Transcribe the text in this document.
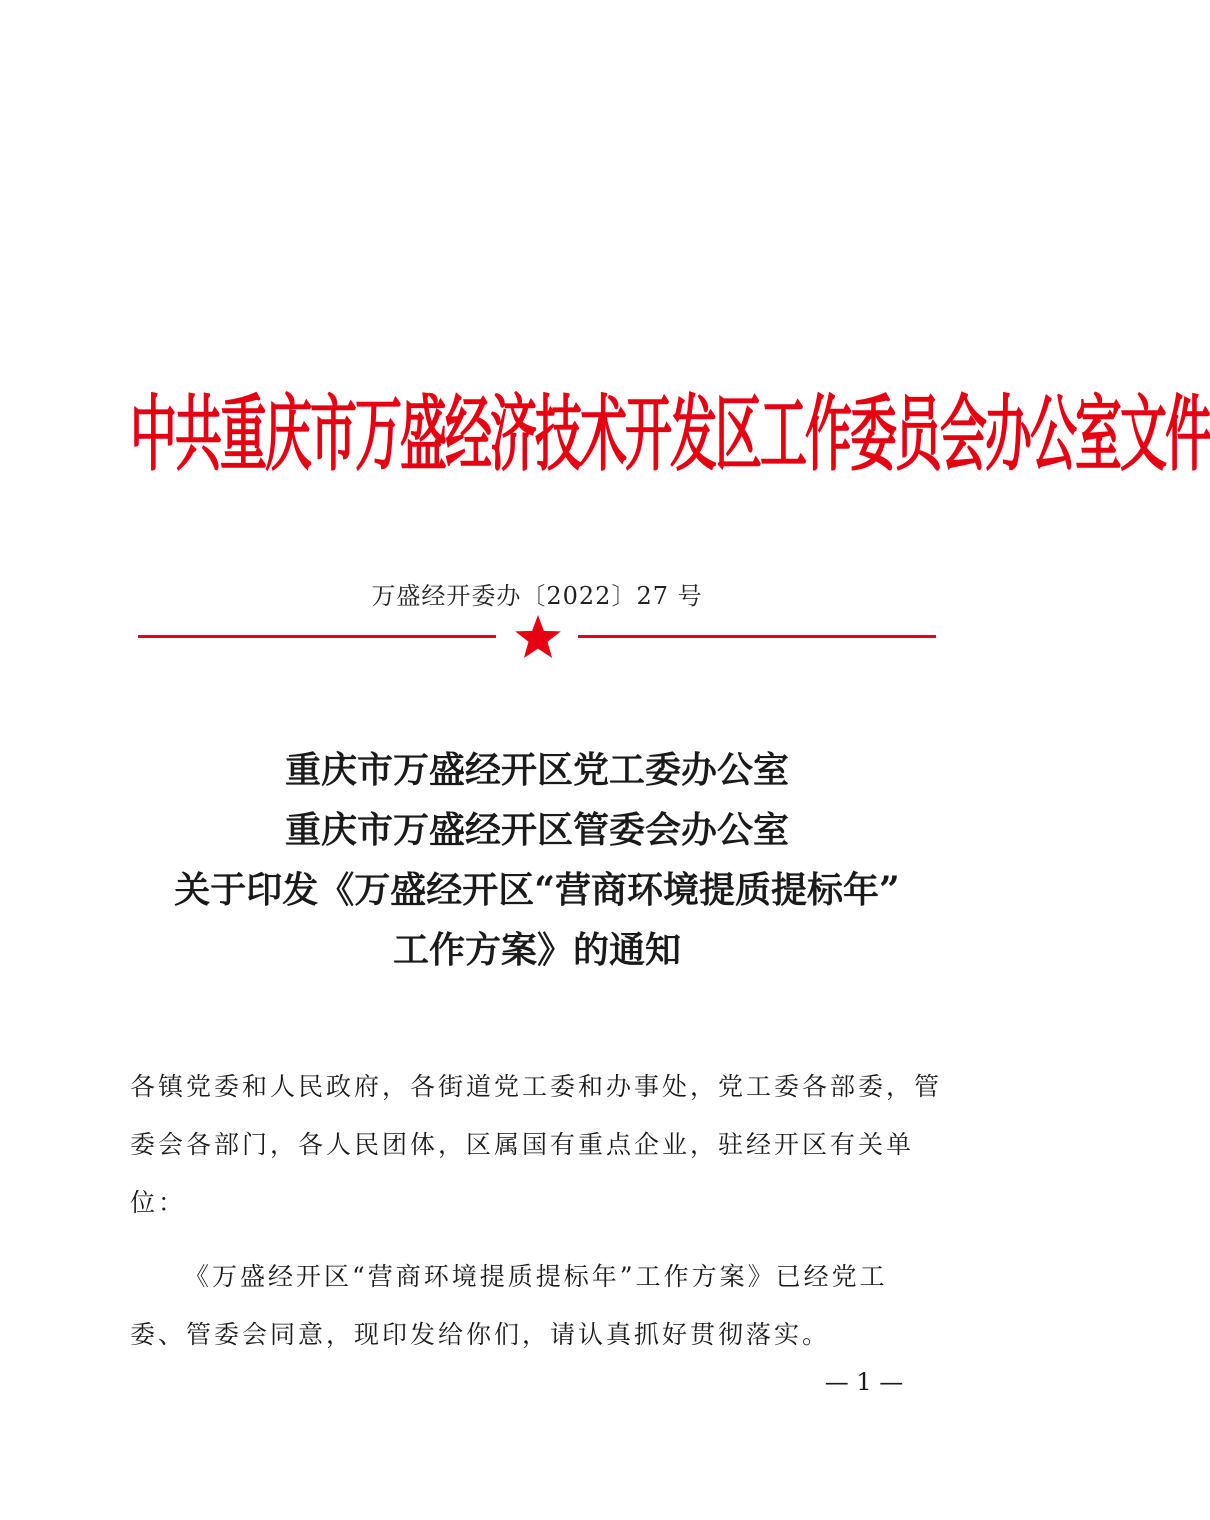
中共重庆市万盛经济技术开发区工作委员会办公室文件
万盛经开委办〔2022〕27 号
重庆市万盛经开区党工委办公室
重庆市万盛经开区管委会办公室
关于印发《万盛经开区“营商环境提质提标年”
工作方案》的通知
各镇党委和人民政府，各街道党工委和办事处，党工委各部委，管委会各部门，各人民团体，区属国有重点企业，驻经开区有关单位：
《万盛经开区“营商环境提质提标年”工作方案》已经党工委、管委会同意，现印发给你们，请认真抓好贯彻落实。
— 1 —
